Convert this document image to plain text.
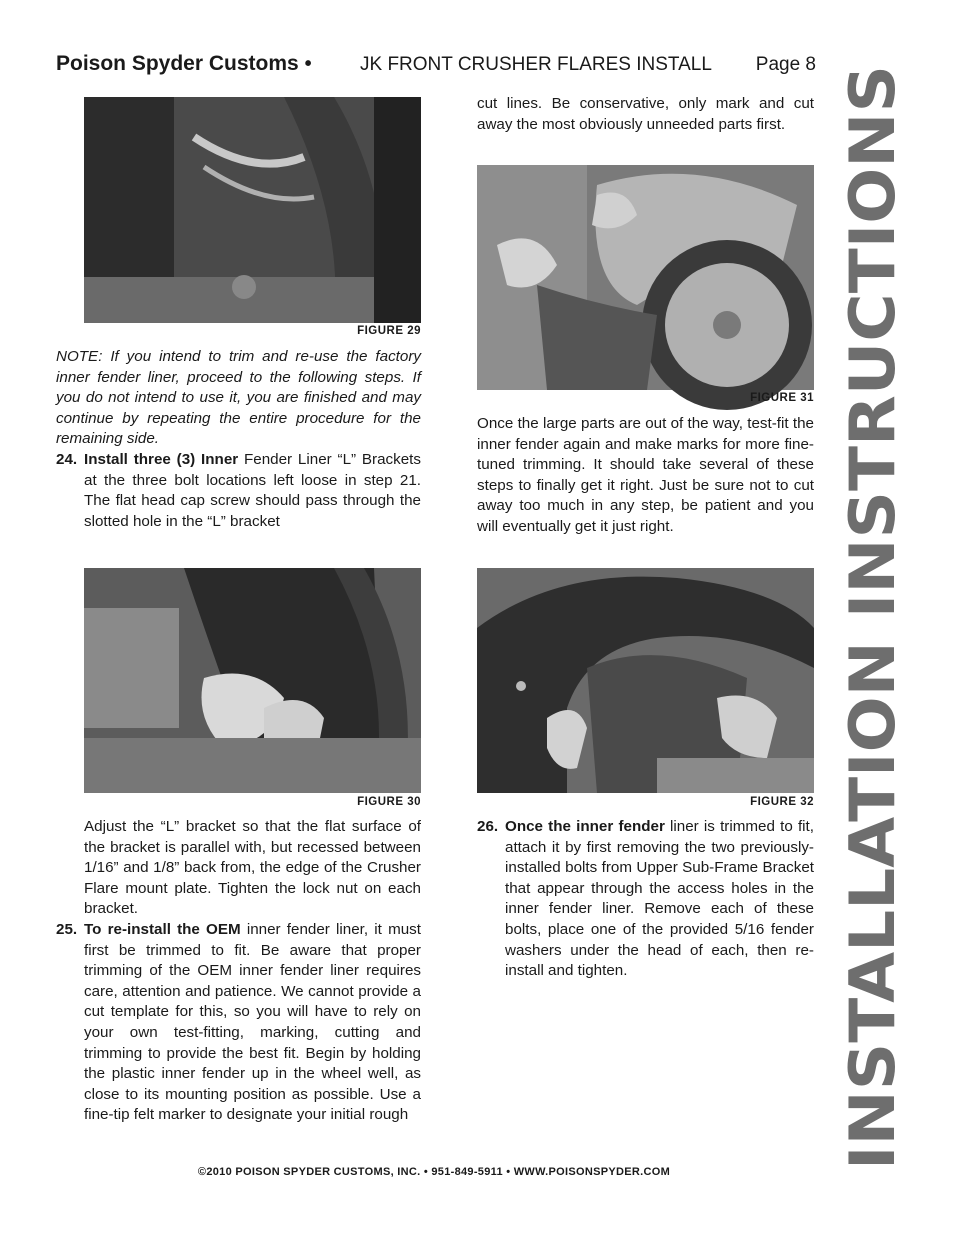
Poison Spyder Customs •	JK FRONT CRUSHER FLARES INSTALL Page 8
FIGURE 29

NOTE: If you intend to trim and re-use the factory inner fender liner, proceed to the following steps. If you do not intend to use it, you are finished and may continue by repeating the entire procedure for the remaining side.

24. Install three (3) Inner Fender Liner “L” Brackets at the three bolt locations left loose in step 21. The flat head cap screw should pass through the slotted hole in the “L” bracket
FIGURE 30

Adjust the “L” bracket so that the flat surface of the bracket is parallel with, but recessed between 1/16” and 1/8” back from, the edge of the Crusher Flare mount plate. Tighten the lock nut on each bracket.

25. To re-install the OEM inner fender liner, it must first be trimmed to fit. Be aware that proper trimming of the OEM inner fender liner requires care, attention and patience. We cannot provide a cut template for this, so you will have to rely on your own test-fitting, marking, cutting and trimming to provide the best fit. Begin by holding the plastic inner fender up in the wheel well, as close to its mounting position as possible. Use a fine-tip felt marker to designate your initial rough

cut lines. Be conservative, only mark and cut away the most obviously unneeded parts first.

FIGURE 31

Once the large parts are out of the way, test-fit the inner fender again and make marks for more fine-tuned trimming. It should take several of these steps to finally get it right. Just be sure not to cut away too much in any step, be patient and you will eventually get it just right.

FIGURE 32
26. Once the inner fender liner is trimmed to fit, attach it by first removing the two previously-installed bolts from Upper Sub-Frame Bracket that appear through the access holes in the inner fender liner. Remove each of these bolts, place one of the provided 5/16 fender washers under the head of each, then re-install and tighten.	INSTALLATION INSTRUCTIONS
©2010 POISON SPYDER CUSTOMS, INC. • 951-849-5911 • WWW.POISONSPYDER.COM
